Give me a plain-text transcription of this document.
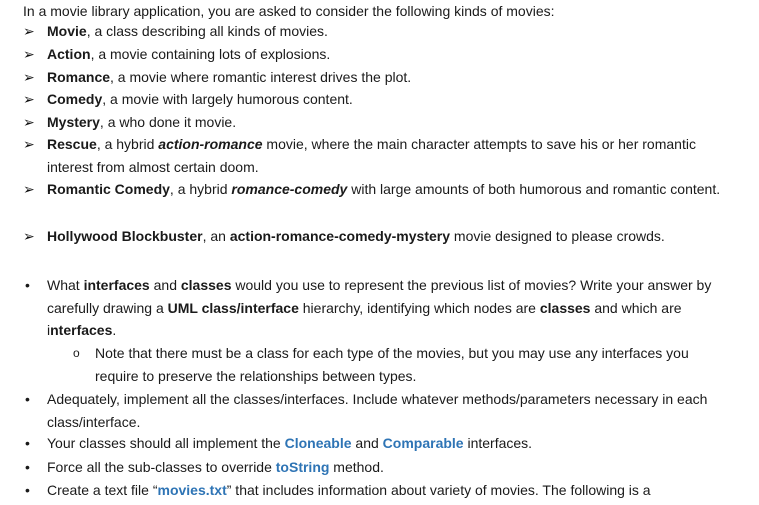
In a movie library application, you are asked to consider the following kinds of movies:
➢ Movie, a class describing all kinds of movies.
➢ Action, a movie containing lots of explosions.
➢ Romance, a movie where romantic interest drives the plot.
➢ Comedy, a movie with largely humorous content.
➢ Mystery, a who done it movie.
➢ Rescue, a hybrid action-romance movie, where the main character attempts to save his or her romantic interest from almost certain doom.
➢ Romantic Comedy, a hybrid romance-comedy with large amounts of both humorous and romantic content.
➢ Hollywood Blockbuster, an action-romance-comedy-mystery movie designed to please crowds.
• What interfaces and classes would you use to represent the previous list of movies? Write your answer by carefully drawing a UML class/interface hierarchy, identifying which nodes are classes and which are interfaces.
o Note that there must be a class for each type of the movies, but you may use any interfaces you require to preserve the relationships between types.
• Adequately, implement all the classes/interfaces. Include whatever methods/parameters necessary in each class/interface.
• Your classes should all implement the Cloneable and Comparable interfaces.
• Force all the sub-classes to override toString method.
• Create a text file “movies.txt” that includes information about variety of movies. The following is a
